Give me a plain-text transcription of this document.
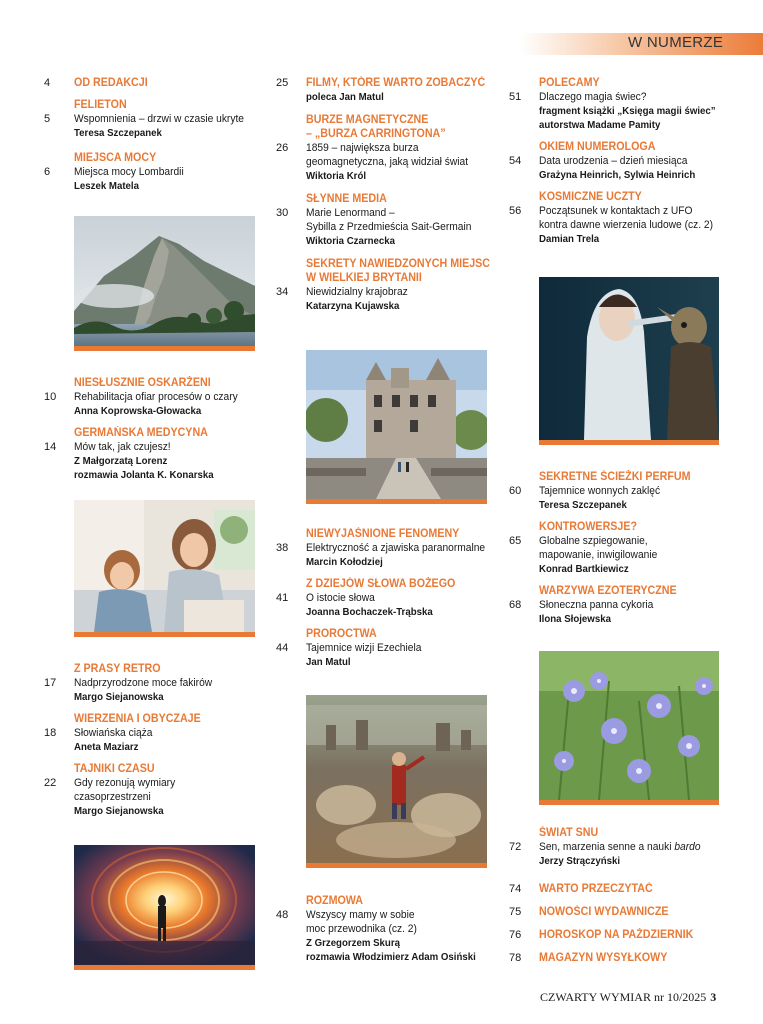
W NUMERZE
4 OD REDAKCJI
FELIETON
5 Wspomnienia – drzwi w czasie ukryte
Teresa Szczepanek
MIEJSCA MOCY
6 Miejsca mocy Lombardii
Leszek Matela
NIESŁUSZNIE OSKARŻENI
10 Rehabilitacja ofiar procesów o czary
Anna Koprowska-Głowacka
GERMAŃSKA MEDYCYNA
14 Mów tak, jak czujesz!
Z Małgorzatą Lorenz
rozmawia Jolanta K. Konarska
Z PRASY RETRO
17 Nadprzyrodzone moce fakirów
Margo Siejanowska
WIERZENIA I OBYCZAJE
18 Słowiańska ciąża
Aneta Maziarz
TAJNIKI CZASU
22 Gdy rezonują wymiary
czasoprzestrzeni
Margo Siejanowska
25 FILMY, KTÓRE WARTO ZOBACZYĆ
poleca Jan Matul
BURZE MAGNETYCZNE
– „BURZA CARRINGTONA”
26 1859 – największa burza
geomagnetyczna, jaką widział świat
Wiktoria Król
SŁYNNE MEDIA
30 Marie Lenormand –
Sybilla z Przedmieścia Sait-Germain
Wiktoria Czarnecka
SEKRETY NAWIEDZONYCH MIEJSC
W WIELKIEJ BRYTANII
34 Niewidzialny krajobraz
Katarzyna Kujawska
NIEWYJAŚNIONE FENOMENY
38 Elektryczność a zjawiska paranormalne
Marcin Kołodziej
Z DZIEJÓW SŁOWA BOŻEGO
41 O istocie słowa
Joanna Bochaczek-Trąbska
PROROCTWA
44 Tajemnice wizji Ezechiela
Jan Matul
ROZMOWA
48 Wszyscy mamy w sobie
moc przewodnika (cz. 2)
Z Grzegorzem Skurą
rozmawia Włodzimierz Adam Osiński
POLECAMY
51 Dlaczego magia świec?
fragment książki „Księga magii świec”
autorstwa Madame Pamity
OKIEM NUMEROLOGA
54 Data urodzenia – dzień miesiąca
Grażyna Heinrich, Sylwia Heinrich
KOSMICZNE UCZTY
56 Początsunek w kontaktach z UFO
kontra dawne wierzenia ludowe (cz. 2)
Damian Trela
SEKRETNE ŚCIEŻKI PERFUM
60 Tajemnice wonnych zaklęć
Teresa Szczepanek
KONTROWERSJE?
65 Globalne szpiegowanie,
mapowanie, inwigilowanie
Konrad Bartkiewicz
WARZYWA EZOTERYCZNE
68 Słoneczna panna cykoria
Ilona Słojewska
ŚWIAT SNU
72 Sen, marzenia senne a nauki bardo
Jerzy Strączyński
74 WARTO PRZECZYTAĆ
75 NOWOŚCI WYDAWNICZE
76 HOROSKOP NA PAŹDZIERNIK
78 MAGAZYN WYSYŁKOWY
CZWARTY WYMIAR nr 10/2025 3
